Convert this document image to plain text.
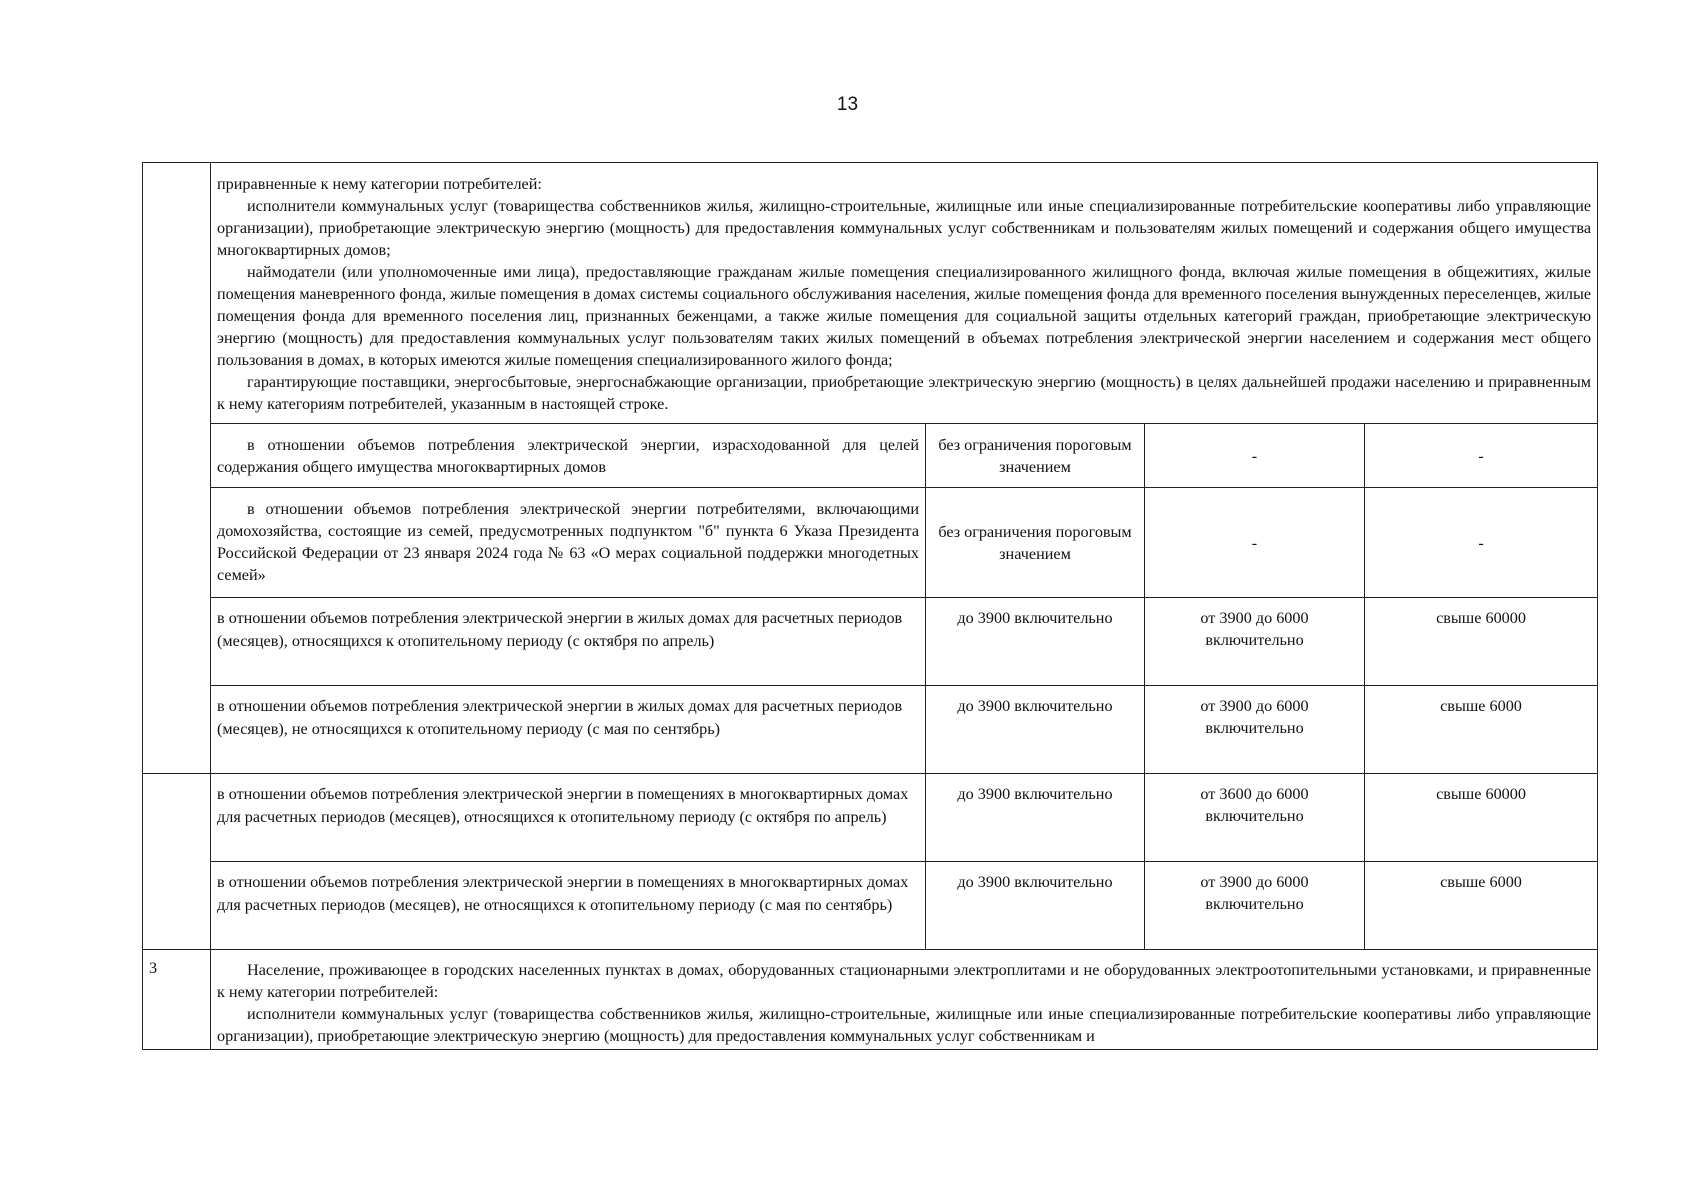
13

	приравненные к нему категории потребителей:

исполнители коммунальных услуг (товарищества собственников жилья, жилищно-строительные, жилищные или иные специализированные потребительские кооперативы либо управляющие организации), приобретающие электрическую энергию (мощность) для предоставления коммунальных услуг собственникам и пользователям жилых помещений и содержания общего имущества многоквартирных домов;

наймодатели (или уполномоченные ими лица), предоставляющие гражданам жилые помещения специализированного жилищного фонда, включая жилые помещения в общежитиях, жилые помещения маневренного фонда, жилые помещения в домах системы социального обслуживания населения, жилые помещения фонда для временного поселения вынужденных переселенцев, жилые помещения фонда для временного поселения лиц, признанных беженцами, а также жилые помещения для социальной защиты отдельных категорий граждан, приобретающие электрическую энергию (мощность) для предоставления коммунальных услуг пользователям таких жилых помещений в объемах потребления электрической энергии населением и содержания мест общего пользования в домах, в которых имеются жилые помещения специализированного жилого фонда;

гарантирующие поставщики, энергосбытовые, энергоснабжающие организации, приобретающие электрическую энергию (мощность) в целях дальнейшей продажи населению и приравненным к нему категориям потребителей, указанным в настоящей строке.			

	в отношении объемов потребления электрической энергии, израсходованной для целей содержания общего имущества многоквартирных домов	без ограничения пороговым значением	-	-
	в отношении объемов потребления электрической энергии потребителями, включающими домохозяйства, состоящие из семей, предусмотренных подпунктом "б" пункта 6 Указа Президента Российской Федерации от 23 января 2024 года № 63 «О мерах социальной поддержки многодетных семей»	без ограничения пороговым значением	-	-
	в отношении объемов потребления электрической энергии в жилых домах для расчетных периодов (месяцев), относящихся к отопительному периоду (с октября по апрель)	до 3900 включительно	от 3900 до 6000 включительно	свыше 60000
	в отношении объемов потребления электрической энергии в жилых домах для расчетных периодов (месяцев), не относящихся к отопительному периоду (с мая по сентябрь)	до 3900 включительно	от 3900 до 6000 включительно	свыше 6000
	в отношении объемов потребления электрической энергии в помещениях в многоквартирных домах для расчетных периодов (месяцев), относящихся к отопительному периоду (с октября по апрель)	до 3900 включительно	от 3600 до 6000 включительно	свыше 60000
	в отношении объемов потребления электрической энергии в помещениях в многоквартирных домах для расчетных периодов (месяцев), не относящихся к отопительному периоду (с мая по сентябрь)	до 3900 включительно	от 3900 до 6000 включительно	свыше 6000
3	Население, проживающее в городских населенных пунктах в домах, оборудованных стационарными электроплитами и не оборудованных электроотопительными установками, и приравненные к нему категории потребителей:

исполнители коммунальных услуг (товарищества собственников жилья, жилищно-строительные, жилищные или иные специализированные потребительские кооперативы либо управляющие организации), приобретающие электрическую энергию (мощность) для предоставления коммунальных услуг собственникам и			
